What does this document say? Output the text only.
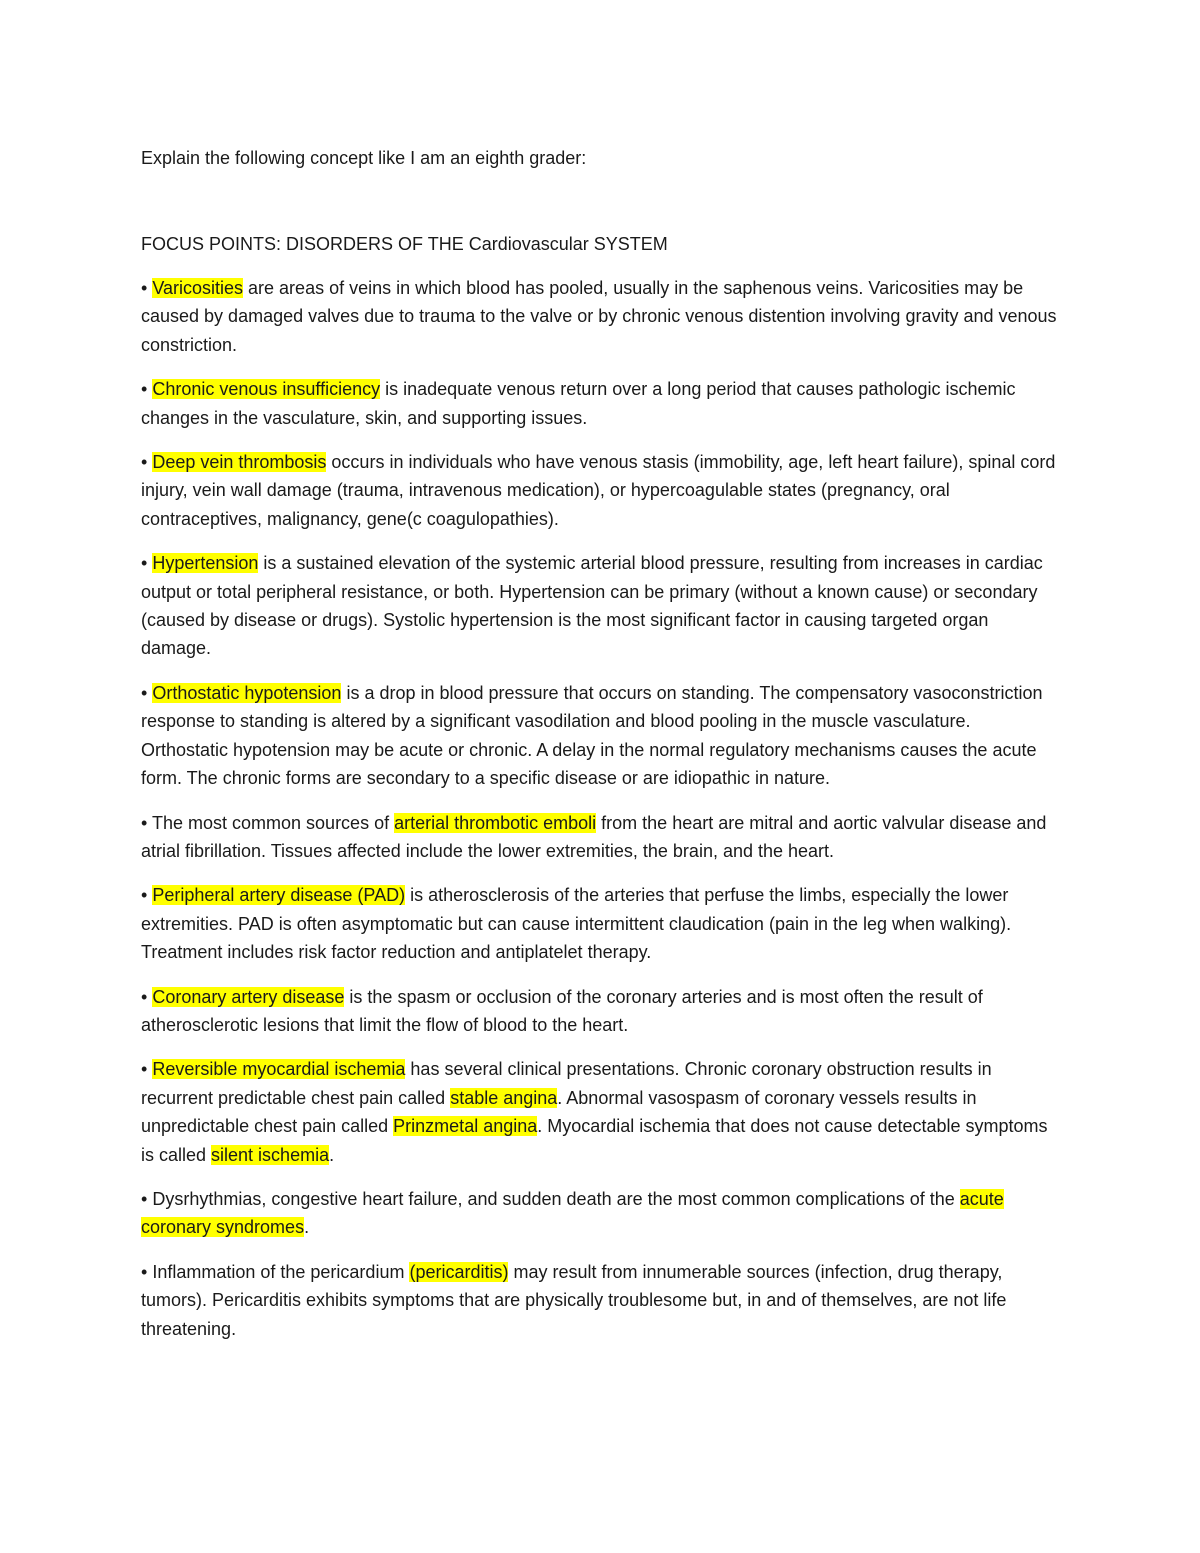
Explain the following concept like I am an eighth grader:
FOCUS POINTS: DISORDERS OF THE Cardiovascular SYSTEM
• Varicosities are areas of veins in which blood has pooled, usually in the saphenous veins. Varicosities may be caused by damaged valves due to trauma to the valve or by chronic venous distention involving gravity and venous constriction.
• Chronic venous insufficiency is inadequate venous return over a long period that causes pathologic ischemic changes in the vasculature, skin, and supporting issues.
• Deep vein thrombosis occurs in individuals who have venous stasis (immobility, age, left heart failure), spinal cord injury, vein wall damage (trauma, intravenous medication), or hypercoagulable states (pregnancy, oral contraceptives, malignancy, gene(c coagulopathies).
• Hypertension is a sustained elevation of the systemic arterial blood pressure, resulting from increases in cardiac output or total peripheral resistance, or both. Hypertension can be primary (without a known cause) or secondary (caused by disease or drugs). Systolic hypertension is the most significant factor in causing targeted organ damage.
• Orthostatic hypotension is a drop in blood pressure that occurs on standing. The compensatory vasoconstriction response to standing is altered by a significant vasodilation and blood pooling in the muscle vasculature. Orthostatic hypotension may be acute or chronic. A delay in the normal regulatory mechanisms causes the acute form. The chronic forms are secondary to a specific disease or are idiopathic in nature.
• The most common sources of arterial thrombotic emboli from the heart are mitral and aortic valvular disease and atrial fibrillation. Tissues affected include the lower extremities, the brain, and the heart.
• Peripheral artery disease (PAD) is atherosclerosis of the arteries that perfuse the limbs, especially the lower extremities. PAD is often asymptomatic but can cause intermittent claudication (pain in the leg when walking). Treatment includes risk factor reduction and antiplatelet therapy.
• Coronary artery disease is the spasm or occlusion of the coronary arteries and is most often the result of atherosclerotic lesions that limit the flow of blood to the heart.
• Reversible myocardial ischemia has several clinical presentations. Chronic coronary obstruction results in recurrent predictable chest pain called stable angina. Abnormal vasospasm of coronary vessels results in unpredictable chest pain called Prinzmetal angina. Myocardial ischemia that does not cause detectable symptoms is called silent ischemia.
• Dysrhythmias, congestive heart failure, and sudden death are the most common complications of the acute coronary syndromes.
• Inflammation of the pericardium (pericarditis) may result from innumerable sources (infection, drug therapy, tumors). Pericarditis exhibits symptoms that are physically troublesome but, in and of themselves, are not life threatening.
